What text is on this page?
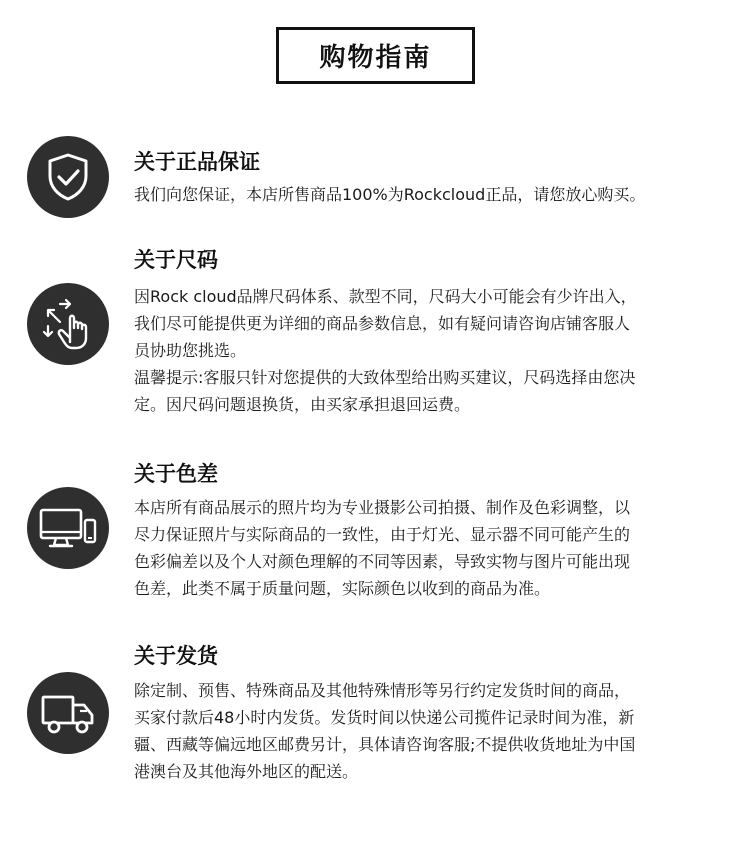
购物指南
关于正品保证
我们向您保证，本店所售商品100%为Rockcloud正品，请您放心购买。
关于尺码
因Rock cloud品牌尺码体系、款型不同，尺码大小可能会有少许出入，
我们尽可能提供更为详细的商品参数信息，如有疑问请咨询店铺客服人
员协助您挑选。
温馨提示:客服只针对您提供的大致体型给出购买建议，尺码选择由您决
定。因尺码问题退换货，由买家承担退回运费。
关于色差
本店所有商品展示的照片均为专业摄影公司拍摄、制作及色彩调整，以
尽力保证照片与实际商品的一致性，由于灯光、显示器不同可能产生的
色彩偏差以及个人对颜色理解的不同等因素，导致实物与图片可能出现
色差，此类不属于质量问题，实际颜色以收到的商品为准。
关于发货
除定制、预售、特殊商品及其他特殊情形等另行约定发货时间的商品，
买家付款后48小时内发货。发货时间以快递公司揽件记录时间为准，新
疆、西藏等偏远地区邮费另计，具体请咨询客服;不提供收货地址为中国
港澳台及其他海外地区的配送。
